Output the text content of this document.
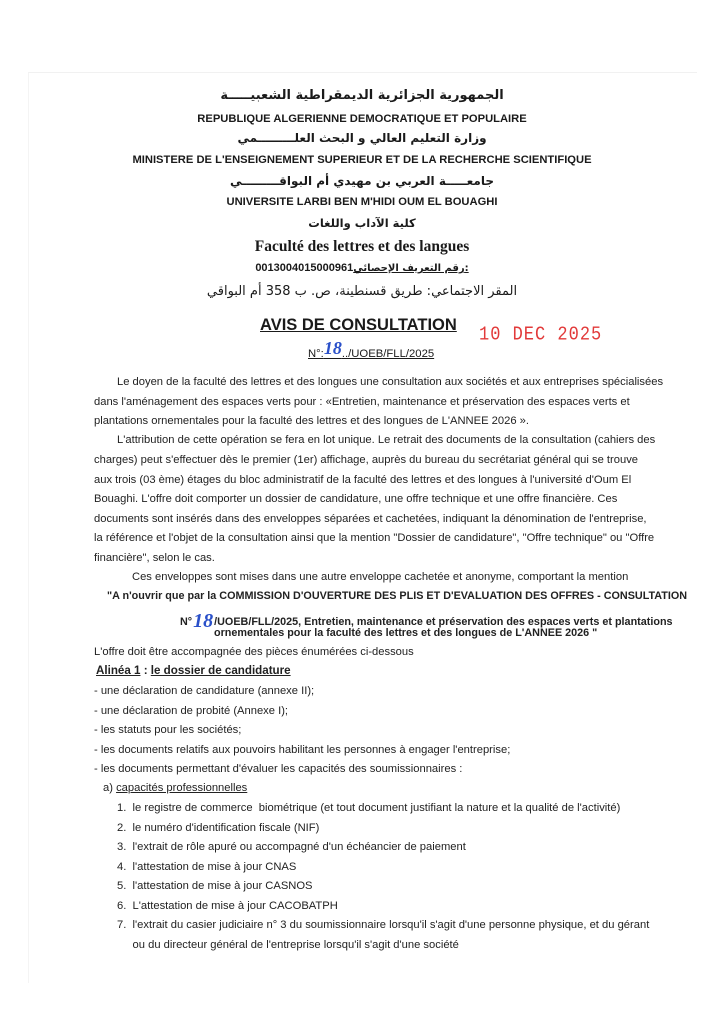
الجمهورية الجزائرية الديمقراطية الشعبيـــــة
REPUBLIQUE ALGERIENNE DEMOCRATIQUE ET POPULAIRE
وزارة التعليم العالي و البحث العلـــــــــمي
MINISTERE DE L'ENSEIGNEMENT SUPERIEUR ET DE LA RECHERCHE SCIENTIFIQUE
جامعـــــة العربي بن مهيدي أم البواقـــــــــي
UNIVERSITE LARBI BEN M'HIDI OUM EL BOUAGHI
كلية الآداب واللغات
Faculté des lettres et des langues
0013004015000961رقم التعريف الإحصائي:
المقر الاجتماعي: طريق قسنطينة، ص. ب 358 أم البواقي
AVIS DE CONSULTATION
N°:18../UOEB/FLL/2025
10 DEC 2025
Le doyen de la faculté des lettres et des longues une consultation aux sociétés et aux entreprises spécialisées
dans l'aménagement des espaces verts pour : «Entretien, maintenance et préservation des espaces verts et
plantations ornementales pour la faculté des lettres et des longues de L'ANNEE 2026 ».
L'attribution de cette opération se fera en lot unique. Le retrait des documents de la consultation (cahiers des
charges) peut s'effectuer dès le premier (1er) affichage, auprès du bureau du secrétariat général qui se trouve
aux trois (03 ème) étages du bloc administratif de la faculté des lettres et des longues à l'université d'Oum El
Bouaghi. L'offre doit comporter un dossier de candidature, une offre technique et une offre financière. Ces
documents sont insérés dans des enveloppes séparées et cachetées, indiquant la dénomination de l'entreprise,
la référence et l'objet de la consultation ainsi que la mention "Dossier de candidature", "Offre technique" ou "Offre
financière", selon le cas.
Ces enveloppes sont mises dans une autre enveloppe cachetée et anonyme, comportant la mention
"A n'ouvrir que par la COMMISSION D'OUVERTURE DES PLIS ET D'EVALUATION DES OFFRES - CONSULTATION
N°18/UOEB/FLL/2025, Entretien, maintenance et préservation des espaces verts et plantations
ornementales pour la faculté des lettres et des longues de L'ANNEE 2026 "
L'offre doit être accompagnée des pièces énumérées ci-dessous
Alinéa 1 : le dossier de candidature
- une déclaration de candidature (annexe II);
- une déclaration de probité (Annexe I);
- les statuts pour les sociétés;
- les documents relatifs aux pouvoirs habilitant les personnes à engager l'entreprise;
- les documents permettant d'évaluer les capacités des soumissionnaires :
a) capacités professionnelles
1.  le registre de commerce  biométrique (et tout document justifiant la nature et la qualité de l'activité)
2.  le numéro d'identification fiscale (NIF)
3.  l'extrait de rôle apuré ou accompagné d'un échéancier de paiement
4.  l'attestation de mise à jour CNAS
5.  l'attestation de mise à jour CASNOS
6.  L'attestation de mise à jour CACOBATPH
7.  l'extrait du casier judiciaire n° 3 du soumissionnaire lorsqu'il s'agit d'une personne physique, et du gérant
ou du directeur général de l'entreprise lorsqu'il s'agit d'une société
